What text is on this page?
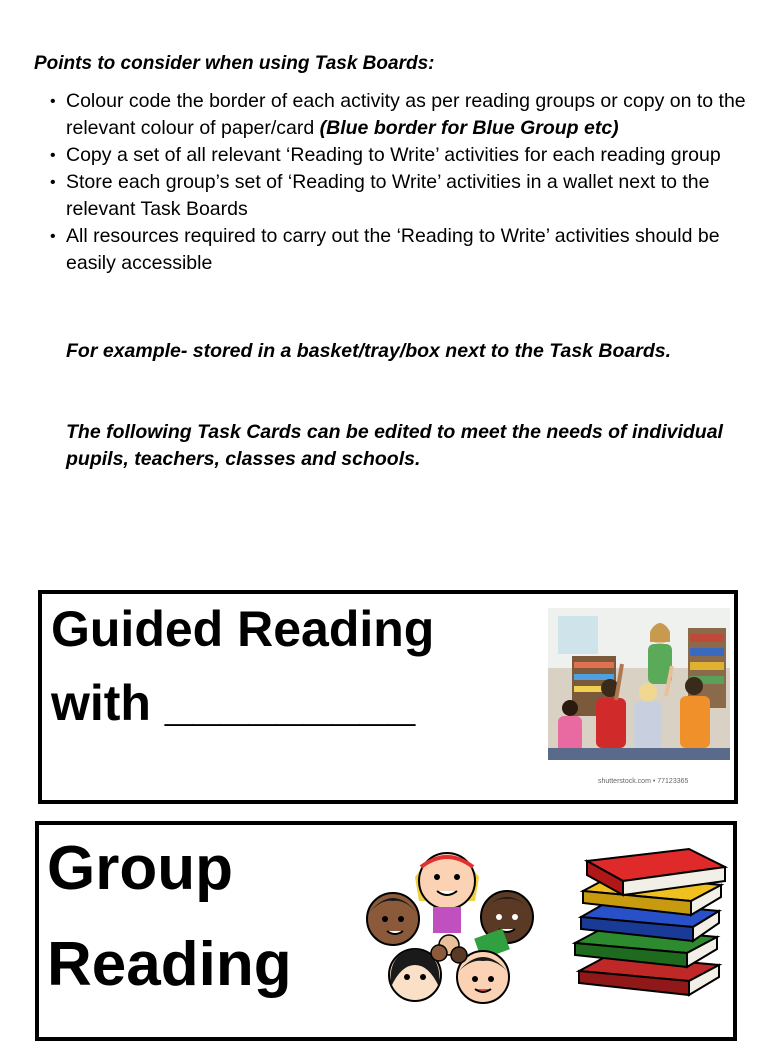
Points to consider when using Task Boards:
• Colour code the border of each activity as per reading groups or copy on to the relevant colour of paper/card (Blue border for Blue Group etc)
• Copy a set of all relevant ‘Reading to Write’ activities for each reading group
• Store each group’s set of ‘Reading to Write’ activities in a wallet next to the relevant Task Boards
• All resources required to carry out the ‘Reading to Write’ activities should be easily accessible
For example- stored in a basket/tray/box next to the Task Boards.
The following Task Cards can be edited to meet the needs of individual pupils, teachers, classes and schools.
Guided Reading
with _________
shutterstock.com • 77123365
Group
Reading
